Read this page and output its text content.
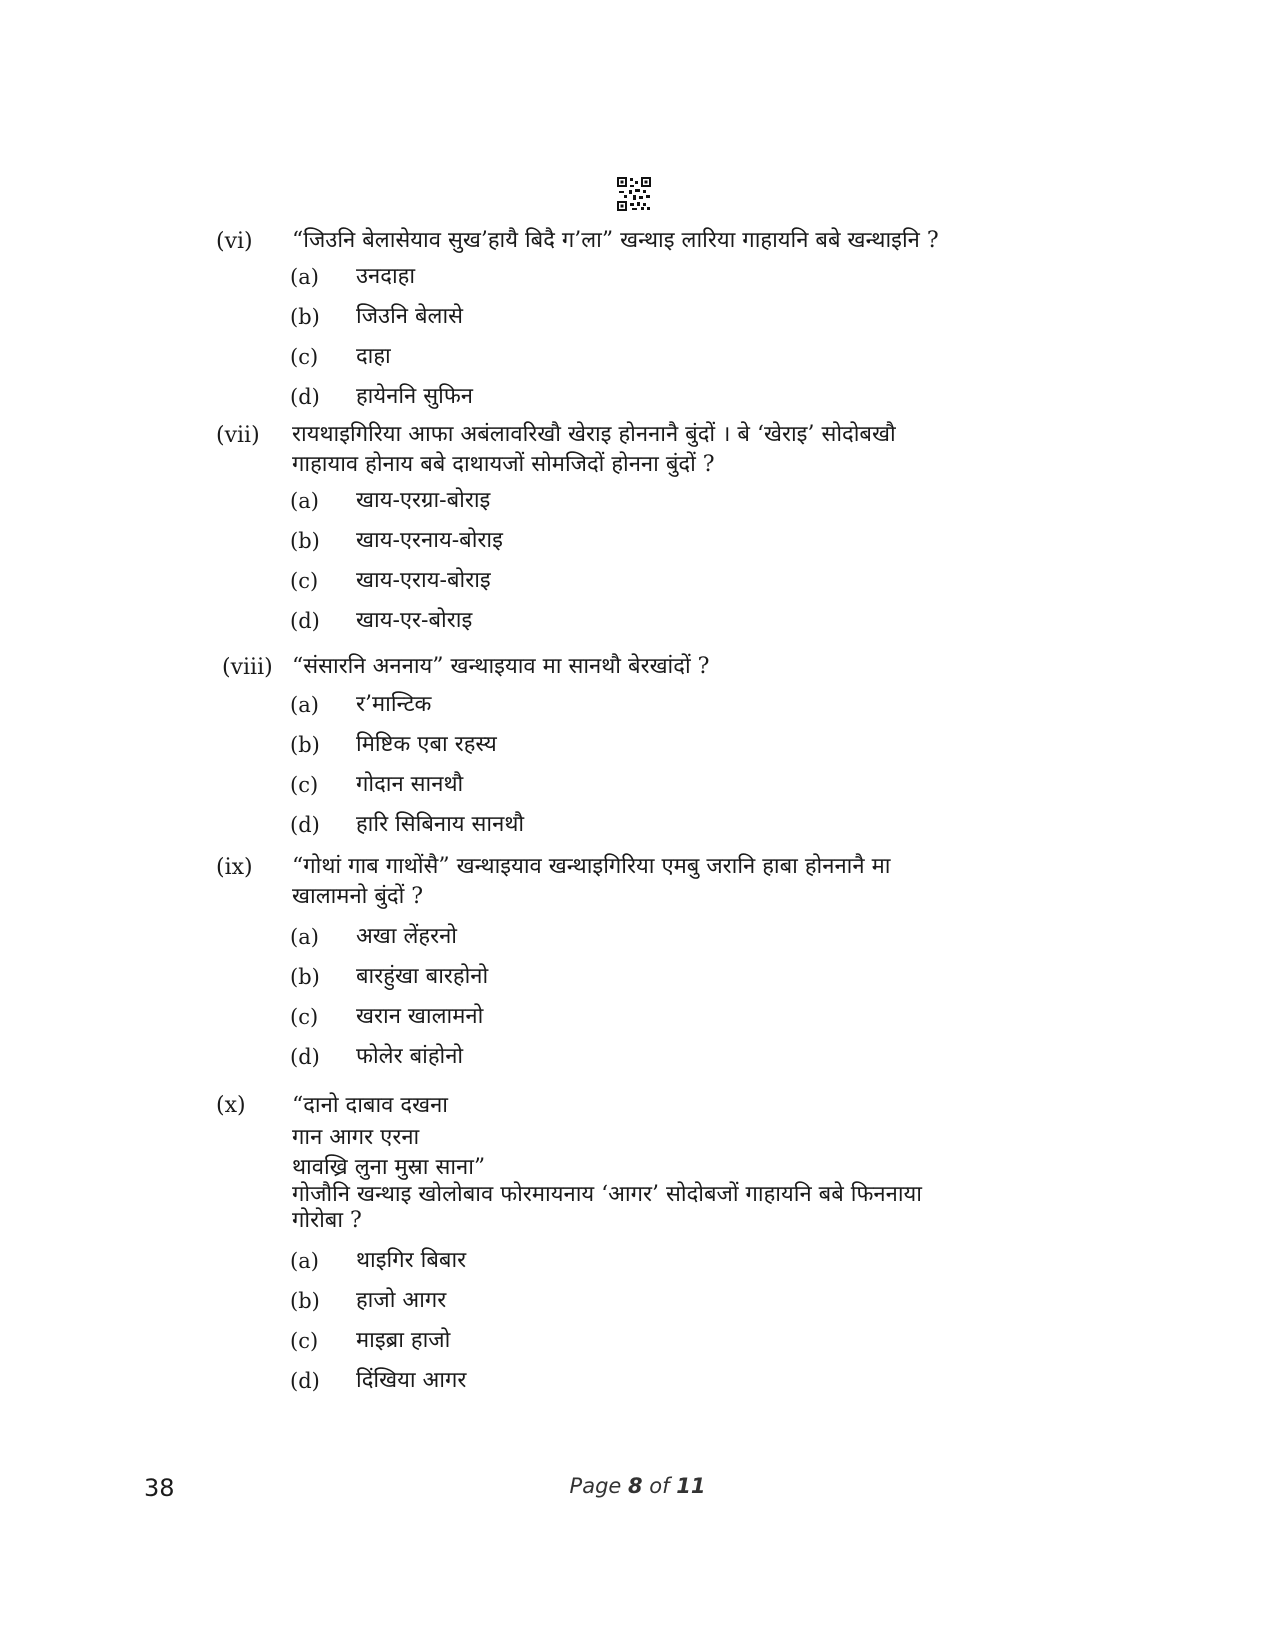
(vi) “जिउनि बेलासेयाव सुख’हायै बिदै ग’ला” खन्थाइ लारिया गाहायनि बबे खन्थाइनि ?
(a) उनदाहा
(b) जिउनि बेलासे
(c) दाहा
(d) हायेननि सुफिन
(vii) रायथाइगिरिया आफा अबंलावरिखौ खेराइ होननानै बुंदों । बे ‘खेराइ’ सोदोबखौ
गाहायाव होनाय बबे दाथायजों सोमजिदों होनना बुंदों ?
(a) खाय-एरग्रा-बोराइ
(b) खाय-एरनाय-बोराइ
(c) खाय-एराय-बोराइ
(d) खाय-एर-बोराइ
(viii) “संसारनि अननाय” खन्थाइयाव मा सानथौ बेरखांदों ?
(a) र’मान्टिक
(b) मिष्टिक एबा रहस्य
(c) गोदान सानथौ
(d) हारि सिबिनाय सानथौ
(ix) “गोथां गाब गाथोंसै” खन्थाइयाव खन्थाइगिरिया एमबु जरानि हाबा होननानै मा
खालामनो बुंदों ?
(a) अखा लेंहरनो
(b) बारहुंखा बारहोनो
(c) खरान खालामनो
(d) फोलेर बांहोनो
(x) “दानो दाबाव दखना
गान आगर एरना
थावख्रि लुना मुस्रा साना”
गोजौनि खन्थाइ खोलोबाव फोरमायनाय ‘आगर’ सोदोबजों गाहायनि बबे फिननाया
गोरोबा ?
(a) थाइगिर बिबार
(b) हाजो आगर
(c) माइब्रा हाजो
(d) दिंखिया आगर
38	Page 8 of 11
